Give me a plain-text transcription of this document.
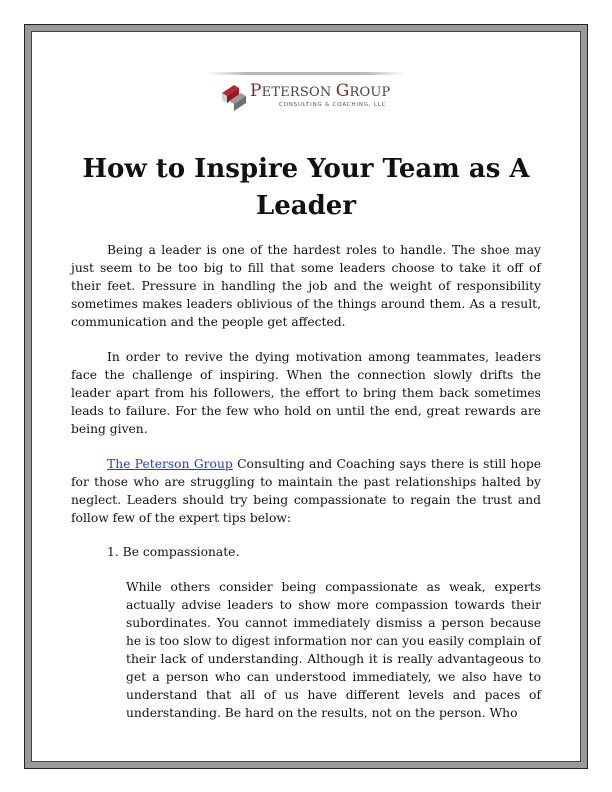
PETERSON GROUP
CONSULTING & COACHING, LLC
How to Inspire Your Team as A Leader

Being a leader is one of the hardest roles to handle. The shoe may just seem to be too big to fill that some leaders choose to take it off of their feet. Pressure in handling the job and the weight of responsibility sometimes makes leaders oblivious of the things around them. As a result, communication and the people get affected.

In order to revive the dying motivation among teammates, leaders face the challenge of inspiring. When the connection slowly drifts the leader apart from his followers, the effort to bring them back sometimes leads to failure. For the few who hold on until the end, great rewards are being given.

The Peterson Group Consulting and Coaching says there is still hope for those who are struggling to maintain the past relationships halted by neglect. Leaders should try being compassionate to regain the trust and follow few of the expert tips below:

1. Be compassionate.

While others consider being compassionate as weak, experts actually advise leaders to show more compassion towards their subordinates. You cannot immediately dismiss a person because he is too slow to digest information nor can you easily complain of their lack of understanding. Although it is really advantageous to get a person who can understood immediately, we also have to understand that all of us have different levels and paces of understanding. Be hard on the results, not on the person. Who
